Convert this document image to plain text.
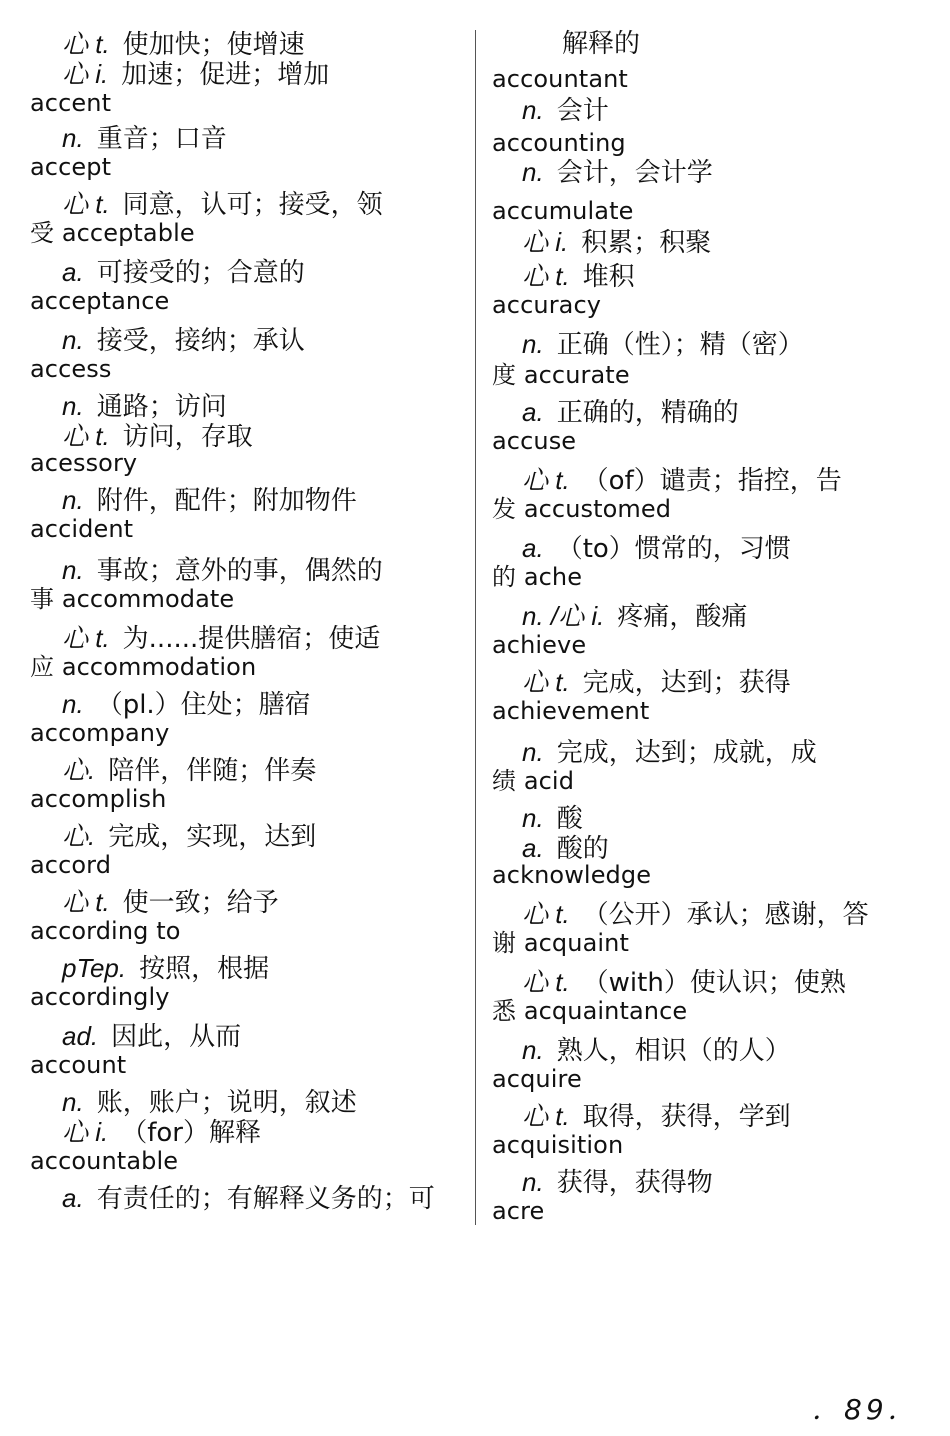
心 t.  使加快；使增速
心 i.  加速；促进；增加
accent
n.  重音；口音
accept
心 t.  同意，认可；接受，领
受 acceptable
a.  可接受的；合意的
acceptance
n.  接受，接纳；承认
access
n.  通路；访问
心 t.  访问，存取
acessory
n.  附件，配件；附加物件
accident
n.  事故；意外的事，偶然的
事 accommodate
心 t.  为......提供膳宿；使适
应 accommodation
n.  （pl.）住处；膳宿
accompany
心.  陪伴，伴随；伴奏
accomplish
心.  完成，实现，达到
accord
心 t.  使一致；给予
according to
pTep.  按照，根据
accordingly
ad.  因此，从而
account
n.  账，账户；说明，叙述
心 i.  （for）解释
accountable
a.  有责任的；有解释义务的；可
解释的
accountant
n.  会计
accounting
n.  会计，会计学
accumulate
心 i.  积累；积聚
心 t.  堆积
accuracy
n.  正确（性）；精（密）
度 accurate
a.  正确的，精确的
accuse
心 t.  （of）谴责；指控，告
发 accustomed
a.  （to）惯常的，习惯
的 ache
n. /心 i.  疼痛，酸痛
achieve
心 t.  完成，达到；获得
achievement
n.  完成，达到；成就，成
绩 acid
n.  酸
a.  酸的
acknowledge
心 t.  （公开）承认；感谢，答
谢 acquaint
心 t.  （with）使认识；使熟
悉 acquaintance
n.  熟人，相识（的人）
acquire
心 t.  取得，获得，学到
acquisition
n.  获得，获得物
acre
．89．
